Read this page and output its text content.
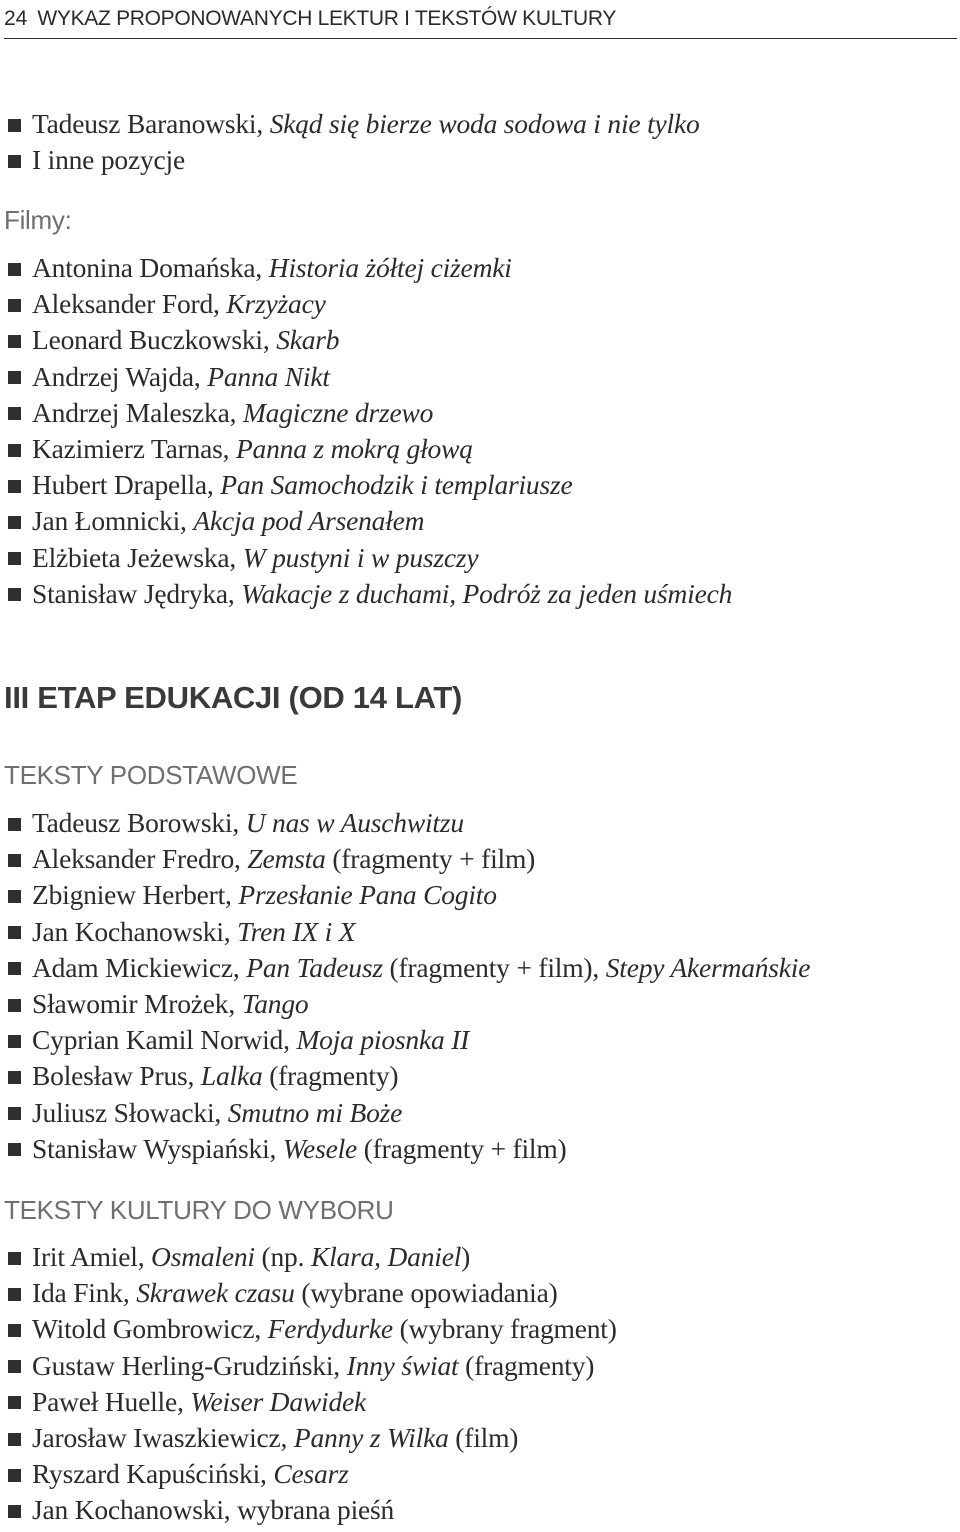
24 WYKAZ PROPONOWANYCH LEKTUR I TEKSTÓW KULTURY
Tadeusz Baranowski, Skąd się bierze woda sodowa i nie tylko
I inne pozycje
Filmy:
Antonina Domańska, Historia żółtej ciżemki
Aleksander Ford, Krzyżacy
Leonard Buczkowski, Skarb
Andrzej Wajda, Panna Nikt
Andrzej Maleszka, Magiczne drzewo
Kazimierz Tarnas, Panna z mokrą głową
Hubert Drapella, Pan Samochodzik i templariusze
Jan Łomnicki, Akcja pod Arsenałem
Elżbieta Jeżewska, W pustyni i w puszczy
Stanisław Jędryka, Wakacje z duchami, Podróż za jeden uśmiech
III ETAP EDUKACJI (OD 14 LAT)
TEKSTY PODSTAWOWE
Tadeusz Borowski, U nas w Auschwitzu
Aleksander Fredro, Zemsta (fragmenty + film)
Zbigniew Herbert, Przesłanie Pana Cogito
Jan Kochanowski, Tren IX i X
Adam Mickiewicz, Pan Tadeusz (fragmenty + film), Stepy Akermańskie
Sławomir Mrożek, Tango
Cyprian Kamil Norwid, Moja piosnka II
Bolesław Prus, Lalka (fragmenty)
Juliusz Słowacki, Smutno mi Boże
Stanisław Wyspiański, Wesele (fragmenty + film)
TEKSTY KULTURY DO WYBORU
Irit Amiel, Osmaleni (np. Klara, Daniel)
Ida Fink, Skrawek czasu (wybrane opowiadania)
Witold Gombrowicz, Ferdydurke (wybrany fragment)
Gustaw Herling-Grudziński, Inny świat (fragmenty)
Paweł Huelle, Weiser Dawidek
Jarosław Iwaszkiewicz, Panny z Wilka (film)
Ryszard Kapuściński, Cesarz
Jan Kochanowski, wybrana pieśń
